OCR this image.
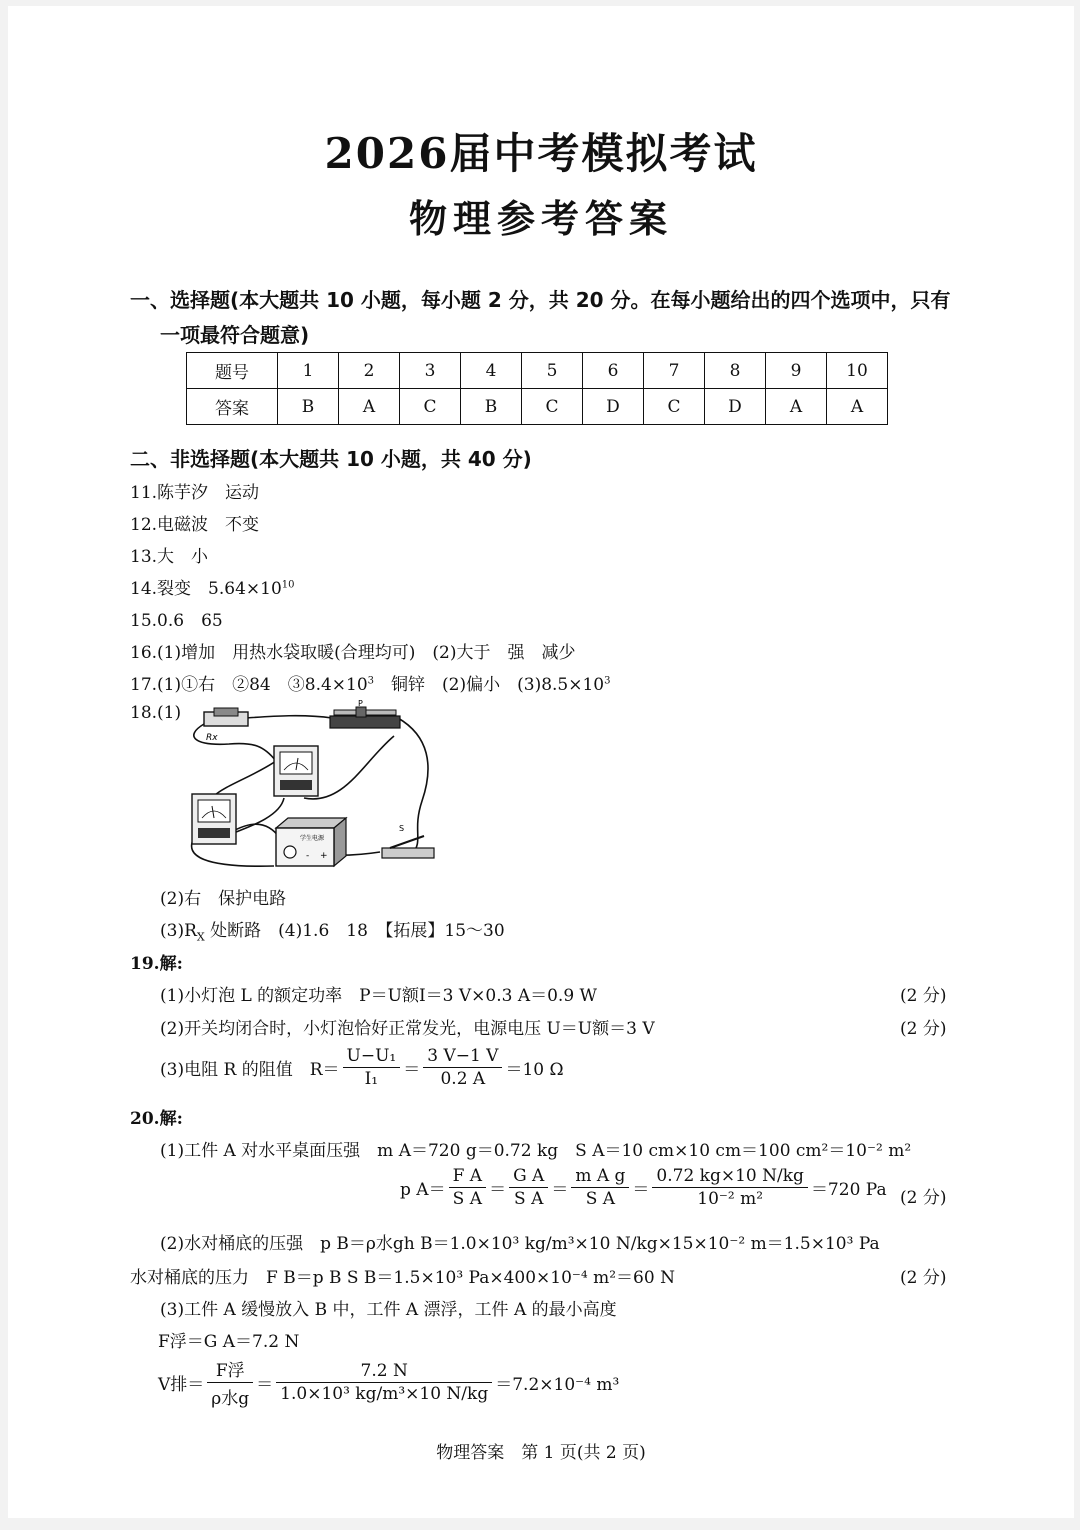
2026届中考模拟考试
物理参考答案
一、选择题(本大题共 10 小题，每小题 2 分，共 20 分。在每小题给出的四个选项中，只有
一项最符合题意)
题号	1	2	3	4	5	6	7	8	9	10
答案	B	A	C	B	C	D	C	D	A	A
二、非选择题(本大题共 10 小题，共 40 分)
11.陈芋汐　运动
12.电磁波　不变
13.大　小
14.裂变　$5.64\times 10^{10}$
15.0.6　65
16.(1)增加　用热水袋取暖(合理均可)　(2)大于　强　减少
17.(1)①右　②84　$③8.4\times 10^3$　铜锌　(2)偏小　$(3)8.5\times 10^3$
18.(1)
Rx
P
学生电源
- +
S
(2)右　保护电路
$(3)R_X$ 处断路　(4)1.6　18　【拓展】15～30
19.解:
(1)小灯泡 L 的额定功率　P＝U额I＝3 V×0.3 A＝0.9 W	(2 分)
(2)开关均闭合时，小灯泡恰好正常发光，电源电压 U＝U额＝3 V	(2 分)
(3)电阻 R 的阻值　$R= \frac{\text{U−U₁}}{\text{I₁}} = \frac{3 V-1 V}{0.2 A} =10$ Ω
20.解:
(1)工件 A 对水平桌面压强　m A＝720 g＝0.72 kg　S A＝10 cm×10 cm＝100 cm²＝10⁻² m²
p $A= \frac{\text{F A}}{\text{S A}} = \frac{\text{G A}}{\text{S A}} = \frac{\text{m A g}}{\text{S A}} = \frac{0.72 kg\times 10 N/kg}{\text{10⁻² m²}} =720$ Pa (2 分)
(2)水对桶底的压强　p B＝ρ水gh B＝1.0×10³ kg/m³×10 N/kg×15×10⁻² m＝1.5×10³ Pa
水对桶底的压力　F B＝p B S B＝1.5×10³ Pa×400×10⁻⁴ m²＝60 N	(2 分)
(3)工件 A 缓慢放入 B 中，工件 A 漂浮，工件 A 的最小高度
F浮＝G A＝7.2 N
V排＝ $\frac{\text{F浮}}{\text{ρ水g}} = \frac{7.2 N}{\text{1.0×10³ kg/m³×10 N/kg}} =7.2\times 10^{-4}$ m³
物理答案　第 1 页(共 2 页)
